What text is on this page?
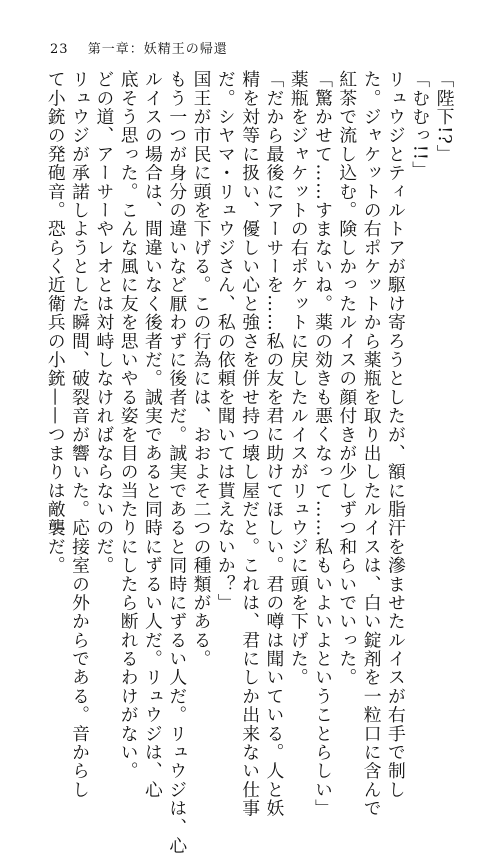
23 第一章：妖精王の帰還
「陛下!?」
「むむっ!!」
リュウジとティルトアが駆け寄ろうとしたが、額に脂汗を滲ませたルイスが右手で制し
た。ジャケットの右ポケットから薬瓶を取り出したルイスは、白い錠剤を一粒口に含んで
紅茶で流し込む。険しかったルイスの顔付きが少しずつ和らいでいった。
「驚かせて……すまないね。薬の効きも悪くなって……私もいよいよということらしい」
薬瓶をジャケットの右ポケットに戻したルイスがリュウジに頭を下げた。
「だから最後にアーサーを……私の友を君に助けてほしい。君の噂は聞いている。人と妖
精を対等に扱い、優しい心と強さを併せ持つ壊し屋だと。これは、君にしか出来ない仕事
だ。シヤマ・リュウジさん、私の依頼を聞いては貰えないか？」
国王が市民に頭を下げる。この行為には、おおよそ二つの種類がある。
もう一つが身分の違いなど厭わずに後者だ。誠実であると同時にずるい人だ。リュウジは、心
ルイスの場合は、間違いなく後者だ。誠実であると同時にずるい人だ。リュウジは、心
底そう思った。こんな風に友を思いやる姿を目の当たりにしたら断れるわけがない。
どの道、アーサーやレオとは対峙しなければならないのだ。
リュウジが承諾しようとした瞬間、破裂音が響いた。応接室の外からである。音からし
て小銃の発砲音。恐らく近衛兵の小銃——つまりは敵襲だ。
